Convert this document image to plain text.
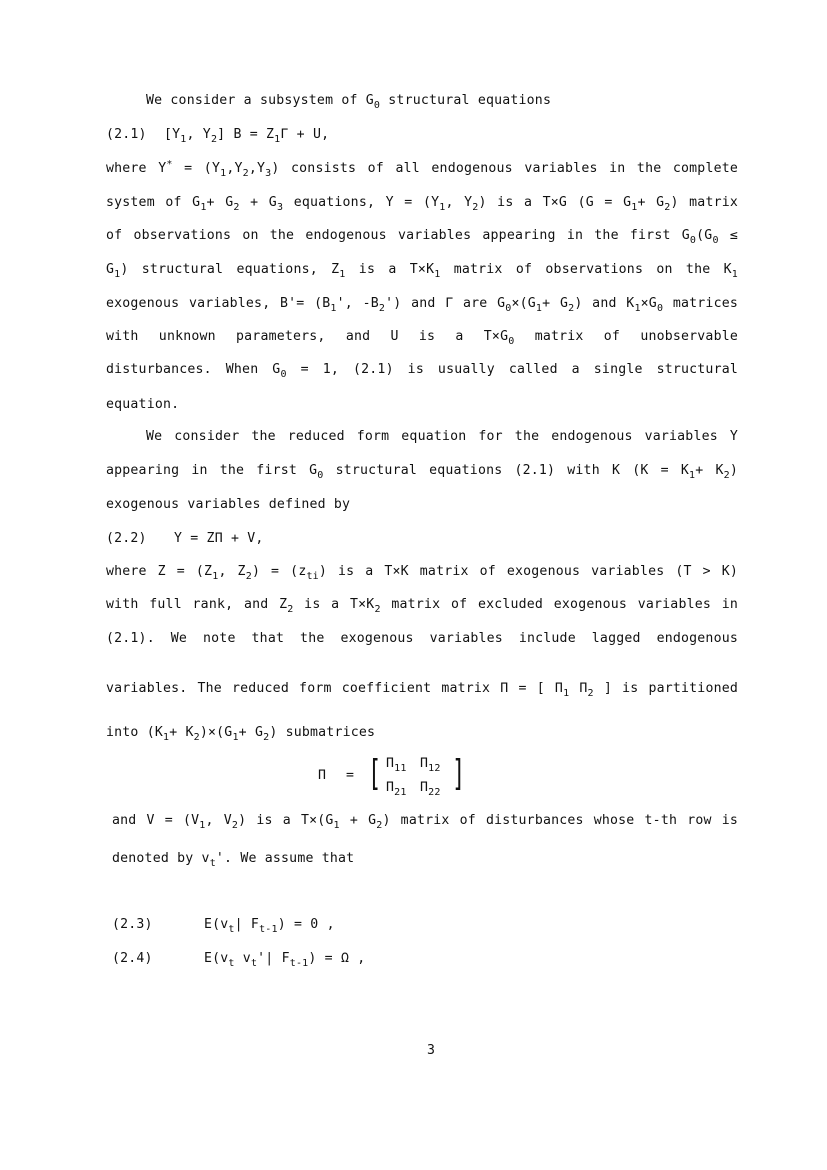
We consider a subsystem of $G_0$ structural equations
(2.1) [$Y_1$, $Y_2$] $B = Z_1\Gamma + U$,
where $Y^* = (Y_1,Y_2,Y_3)$ consists of all endogenous variables in the complete
system of $G_1+ G_2 + G_3$ equations, $Y = (Y_1$, $Y_2$) is a T×G $(G = G_1+ G_2)$ matrix
of observations on the endogenous variables appearing in the first $G_0(G_0$ ≤
$G_1$) structural equations, $Z_1$ is a $T\times K_1$ matrix of observations on the $K_1$
exogenous variables, $B'= (B_1'$, $-B_2'$) and Γ are $G_0\times(G_1+ G_2)$ and $K_1\times G_0$ matrices
with unknown parameters, and U is a $T\times G_0$ matrix of unobservable
disturbances. When $G_0 = 1$, (2.1) is usually called a single structural
equation.
We consider the reduced form equation for the endogenous variables Y
appearing in the first $G_0$ structural equations (2.1) with K $(K = K_1+ K_2)$
exogenous variables defined by
(2.2) Y = ZΠ + V,
where $Z = (Z_1$, $Z_2) = (z_{ti})$ is a T×K matrix of exogenous variables (T > K)
with full rank, and $Z_2$ is a $T\times K_2$ matrix of excluded exogenous variables in
(2.1). We note that the exogenous variables include lagged endogenous
variables. The reduced form coefficient matrix Π = [ $\Pi_1$ $\Pi_2$ ] is partitioned
into $(K_1+ K_2)\times(G_1+ G_2)$ submatrices
Π = [ $\Pi_{11}$ $\Pi_{12}$
$\Pi_{21}$ $\Pi_{22}$ ]
and $V = (V_1$, $V_2$) is a $T\times(G_1 + G_2)$ matrix of disturbances whose t-th row is
denoted by $v_t'$. We assume that
(2.3)	$E(v_t|$ $F_{t-1}) = 0$ ,
(2.4)	$E(v_t$ $v_t'|$ $F_{t-1}) = \Omega$ ,
3
